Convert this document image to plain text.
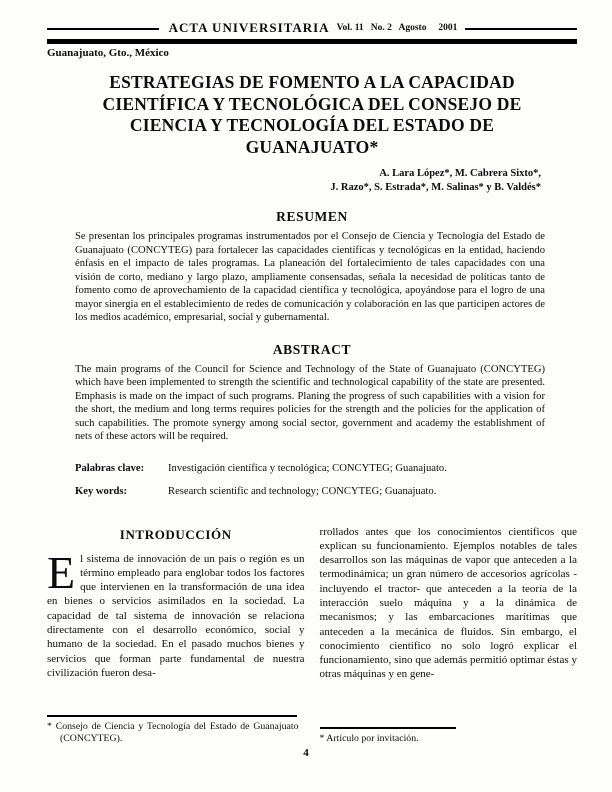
ACTA UNIVERSITARIA Vol. 11   No. 2   Agosto     2001
Guanajuato, Gto., México
ESTRATEGIAS DE FOMENTO A LA CAPACIDAD
CIENTÍFICA Y TECNOLÓGICA DEL CONSEJO DE
CIENCIA Y TECNOLOGÍA DEL ESTADO DE
GUANAJUATO*
A. Lara López*, M. Cabrera Sixto*,
J. Razo*, S. Estrada*, M. Salinas* y B. Valdés*
RESUMEN
Se presentan los principales programas instrumentados por el Consejo de Ciencia y Tecnología del Estado de Guanajuato (CONCYTEG) para fortalecer las capacidades científicas y tecnológicas en la entidad, haciendo énfasis en el impacto de tales programas. La planeación del fortalecimiento de tales capacidades con una visión de corto, mediano y largo plazo, ampliamente consensadas, señala la necesidad de políticas tanto de fomento como de aprovechamiento de la capacidad científica y tecnológica, apoyándose para el logro de una mayor sinergia en el establecimiento de redes de comunicación y colaboración en las que participen actores de los medios académico, empresarial, social y gubernamental.
ABSTRACT
The main programs of the Council for Science and Technology of the State of Guanajuato (CONCYTEG) which have been implemented to strength the scientific and technological capability of the state are presented. Emphasis is made on the impact of such programs. Planing the progress of such capabilities with a vision for the short, the medium and long terms requires policies for the strength and the policies for the application of such capabilities. The promote synergy among social sector, government and academy the establishment of nets of these actors will be required.
Palabras clave:	Investigación científica y tecnológica; CONCYTEG; Guanajuato.
Key words:	Research scientific and technology; CONCYTEG; Guanajuato.
INTRODUCCIÓN
El sistema de innovación de un país o región es un término empleado para englobar todos los factores que intervienen en la transformación de una idea en bienes o servicios asimilados en la sociedad. La capacidad de tal sistema de innovación se relaciona directamente con el desarrollo económico, social y humano de la sociedad. En el pasado muchos bienes y servicios que forman parte fundamental de nuestra civilización fueron desa-
* Consejo de Ciencia y Tecnología del Estado de Guanajuato (CONCYTEG).
rrollados antes que los conocimientos científicos que explican su funcionamiento. Ejemplos notables de tales desarrollos son las máquinas de vapor que anteceden a la termodinámica; un gran número de accesorios agrícolas -incluyendo el tractor- que anteceden a la teoría de la interacción suelo máquina y a la dinámica de mecanismos; y las embarcaciones marítimas que anteceden a la mecánica de fluidos. Sin embargo, el conocimiento científico no solo logró explicar el funcionamiento, sino que además permitió optimar éstas y otras máquinas y en gene-
* Artículo por invitación.
4
